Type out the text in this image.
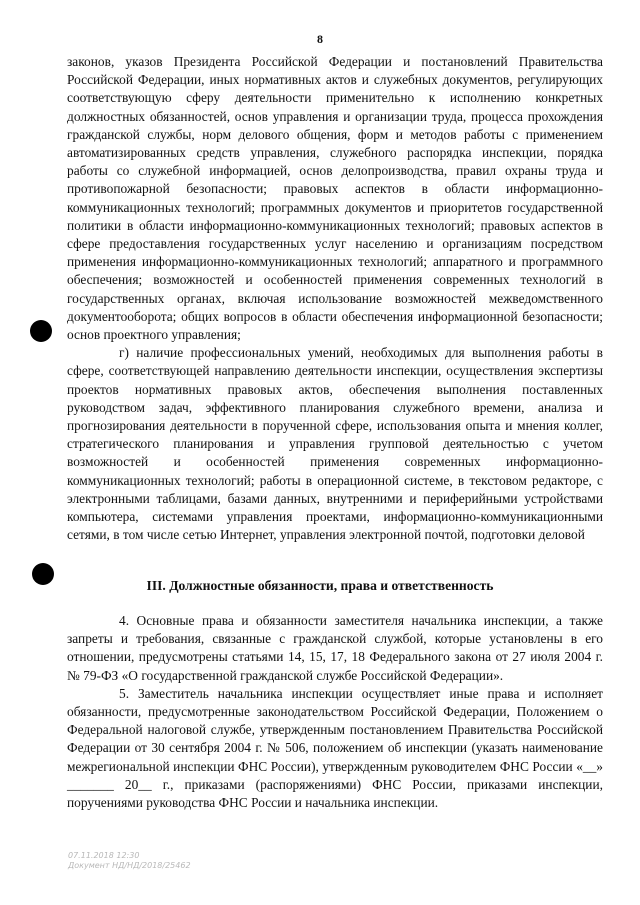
8

законов, указов Президента Российской Федерации и постановлений Правительства Российской Федерации, иных нормативных актов и служебных документов, регулирующих соответствующую сферу деятельности применительно к исполнению конкретных должностных обязанностей, основ управления и организации труда, процесса прохождения гражданской службы, норм делового общения, форм и методов работы с применением автоматизированных средств управления, служебного распорядка инспекции, порядка работы со служебной информацией, основ делопроизводства, правил охраны труда и противопожарной безопасности; правовых аспектов в области информационно-коммуникационных технологий; программных документов и приоритетов государственной политики в области информационно-коммуникационных технологий; правовых аспектов в сфере предоставления государственных услуг населению и организациям посредством применения информационно-коммуникационных технологий; аппаратного и программного обеспечения; возможностей и особенностей применения современных технологий в государственных органах, включая использование возможностей межведомственного документооборота; общих вопросов в области обеспечения информационной безопасности; основ проектного управления;

г) наличие профессиональных умений, необходимых для выполнения работы в сфере, соответствующей направлению деятельности инспекции, осуществления экспертизы проектов нормативных правовых актов, обеспечения выполнения поставленных руководством задач, эффективного планирования служебного времени, анализа и прогнозирования деятельности в порученной сфере, использования опыта и мнения коллег, стратегического планирования и управления групповой деятельностью с учетом возможностей и особенностей применения современных информационно-коммуникационных технологий; работы в операционной системе, в текстовом редакторе, с электронными таблицами, базами данных, внутренними и периферийными устройствами компьютера, системами управления проектами, информационно-коммуникационными сетями, в том числе сетью Интернет, управления электронной почтой, подготовки деловой

III. Должностные обязанности, права и ответственность

4. Основные права и обязанности заместителя начальника инспекции, а также запреты и требования, связанные с гражданской службой, которые установлены в его отношении, предусмотрены статьями 14, 15, 17, 18 Федерального закона от 27 июля 2004 г. № 79-ФЗ «О государственной гражданской службе Российской Федерации».

5. Заместитель начальника инспекции осуществляет иные права и исполняет обязанности, предусмотренные законодательством Российской Федерации, Положением о Федеральной налоговой службе, утвержденным постановлением Правительства Российской Федерации от 30 сентября 2004 г. № 506, положением об инспекции (указать наименование межрегиональной инспекции ФНС России), утвержденным руководителем ФНС России «__» _______ 20__ г., приказами (распоряжениями) ФНС России, приказами инспекции, поручениями руководства ФНС России и начальника инспекции.

07.11.2018 12:30
Документ НД/НД/2018/25462
